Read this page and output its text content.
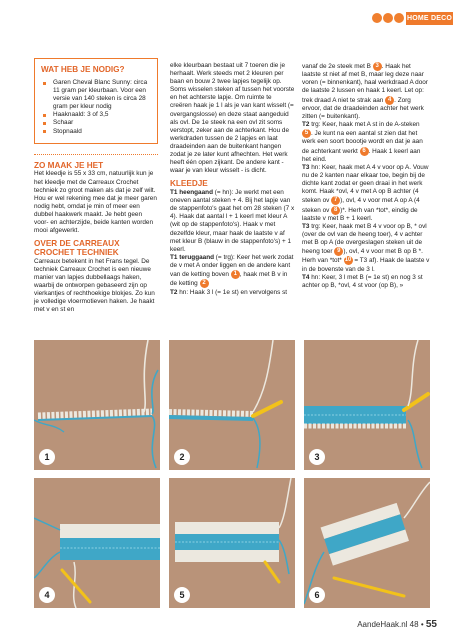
HOME DECO
WAT HEB JE NODIG?
Garen Cheval Blanc Sunny: circa 11 gram per kleurbaan. Voor een versie van 140 steken is circa 28 gram per kleur nodig
Haaknaald: 3 of 3,5
Schaar
Stopnaald

ZO MAAK JE HET

Het kleedje is 55 x 33 cm, natuurlijk kun je het kleedje met de Carreaux Crochet techniek zo groot maken als dat je zelf wilt. Hou er wel rekening mee dat je meer garen nodig hebt, omdat je min of meer een dubbel haakwerk maakt. Je hebt geen voor- en achterzijde, beide kanten worden mooi afgewerkt.

OVER DE CARREAUX CROCHET TECHNIEK

Carreaux betekent in het Frans tegel. De techniek Carreaux Crochet is een nieuwe manier van lapjes dubbellaags haken, waarbij de ontworpen gebaseerd zijn op vierkantjes of rechthoekige blokjes. Zo kun je volledige vloermotieven haken. Je haakt met v en st en

elke kleurbaan bestaat uit 7 toeren die je herhaalt. Werk steeds met 2 kleuren per baan en bouw 2 twee lapjes tegelijk op. Soms wisselen steken af tussen het voorste en het achterste lapje. Om ruimte te creëren haak je 1 l als je van kant wisselt (= overgangslosse) en deze staat aangeduid als ovl. De 1e steek na een ovl zit soms verstopt, zeker aan de achterkant. Hou de werkdraden tussen de 2 lapjes en laat draadeinden aan de buitenkant hangen zodat je ze later kunt afhechten. Het werk heeft één open zijkant. De andere kant - waar je van kleur wisselt - is dicht.

KLEEDJE

T1 heengaand (= hn): Je werkt met een oneven aantal steken + 4. Bij het lapje van de stappenfoto's gaat het om 28 steken (7 x 4). Haak dat aantal l + 1 keerl met kleur A (wit op de stappenfoto's). Haak v met dezelfde kleur, maar haak de laatste v af met kleur B (blauw in de stappenfoto's) + 1 keerl.

T1 teruggaand (= trg): Keer het werk zodat de v met A onder liggen en de andere kant van de ketting boven 1 , haak met B v in de ketting 2

T2 hn: Haak 3 l (= 1e st) en vervolgens st

vanaf de 2e steek met B 3 . Haak het laatste st niet af met B, maar leg deze naar voren (= binnenkant), haal werkdraad A door de laatste 2 lussen en haak 1 keerl. Let op: trek draad A niet te strak aan 4 . Zorg ervoor, dat de draadeinden achter het werk zitten (= buitenkant).

T2 trg: Keer, haak met A st in de A-steken 5 . Je kunt na een aantal st zien dat het werk een soort boootje wordt en dat je aan de achterkant werkt 6 . Haak 1 keerl aan het eind.

T3 hn: Keer, haak met A 4 v voor op A. Vouw nu de 2 kanten naar elkaar toe, begin bij de dichte kant zodat er geen draai in het werk komt. Haak *ovl, 4 v met A op B achter (4 steken ov 7 ), ovl, 4 v voor met A op A (4 steken ov 8 )*. Herh van *tot*, eindig de laatste v met B + 1 keerl.

T3 trg: Keer, haak met B 4 v voor op B, * ovl (over de ovl van de heeng toer), 4 v achter met B op A (de overgeslagen steken uit de heeng toer 9 ), ovl, 4 v voor met B op B *. Herh van *tot* 10 = T3 af). Haak de laatste v in de bovenste van de 3 l.

T4 hn: Keer, 3 l met B (= 1e st) en nog 3 st achter op B, *ovl, 4 st voor (op B), »

1	2	3
4	5	6
AandeHaak.nl 48 • 55
